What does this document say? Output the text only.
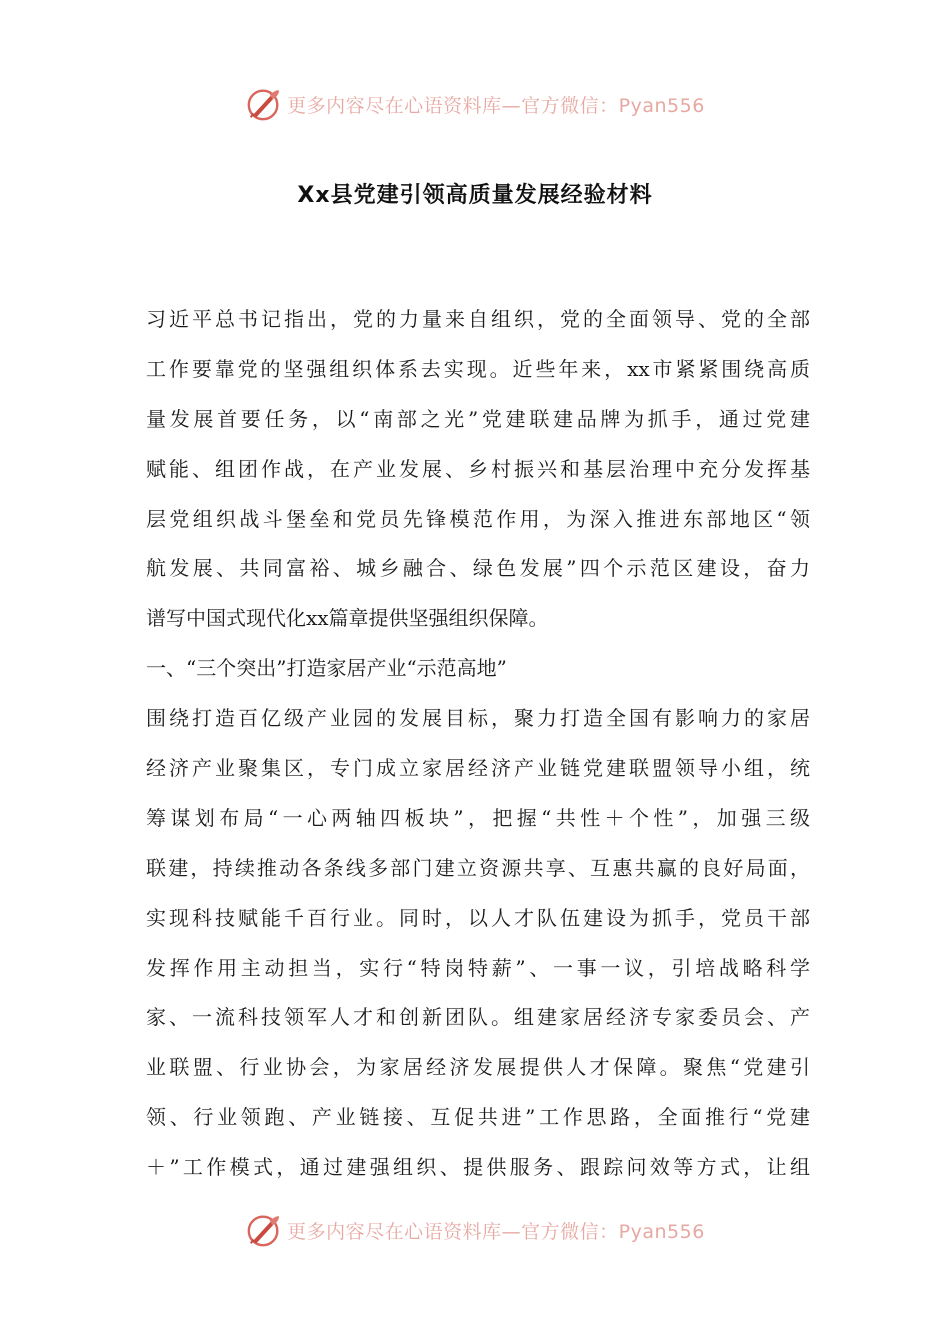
更多内容尽在心语资料库—官方微信：Pyan556
Xx县党建引领高质量发展经验材料
习近平总书记指出，党的力量来自组织，党的全面领导、党的全部
工作要靠党的坚强组织体系去实现。近些年来，xx市紧紧围绕高质
量发展首要任务，以“南部之光”党建联建品牌为抓手，通过党建
赋能、组团作战，在产业发展、乡村振兴和基层治理中充分发挥基
层党组织战斗堡垒和党员先锋模范作用，为深入推进东部地区“领
航发展、共同富裕、城乡融合、绿色发展”四个示范区建设，奋力
谱写中国式现代化xx篇章提供坚强组织保障。
一、“三个突出”打造家居产业“示范高地”
围绕打造百亿级产业园的发展目标，聚力打造全国有影响力的家居
经济产业聚集区，专门成立家居经济产业链党建联盟领导小组，统
筹谋划布局“一心两轴四板块”，把握“共性＋个性”，加强三级
联建，持续推动各条线多部门建立资源共享、互惠共赢的良好局面，
实现科技赋能千百行业。同时，以人才队伍建设为抓手，党员干部
发挥作用主动担当，实行“特岗特薪”、一事一议，引培战略科学
家、一流科技领军人才和创新团队。组建家居经济专家委员会、产
业联盟、行业协会，为家居经济发展提供人才保障。聚焦“党建引
领、行业领跑、产业链接、互促共进”工作思路，全面推行“党建
＋”工作模式，通过建强组织、提供服务、跟踪问效等方式，让组
更多内容尽在心语资料库—官方微信：Pyan556
